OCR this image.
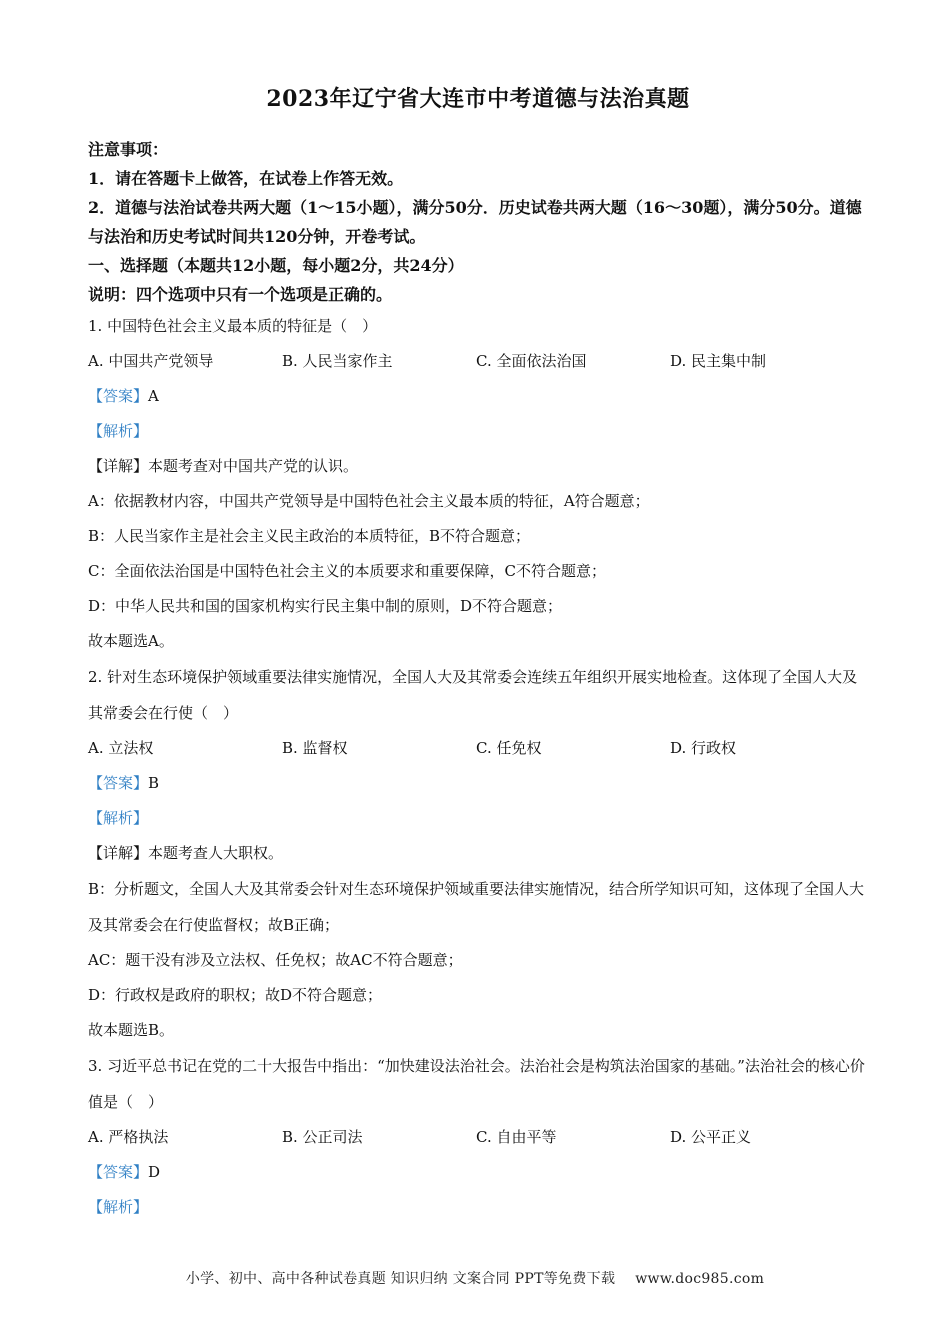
2023年辽宁省大连市中考道德与法治真题
注意事项：
1．请在答题卡上做答，在试卷上作答无效。
2．道德与法治试卷共两大题（1～15小题），满分50分．历史试卷共两大题（16～30题），满分50分。道德与法治和历史考试时间共120分钟，开卷考试。
一、选择题（本题共12小题，每小题2分，共24分）
说明：四个选项中只有一个选项是正确的。
1. 中国特色社会主义最本质的特征是（　）
A. 中国共产党领导	B. 人民当家作主	C. 全面依法治国	D. 民主集中制
【答案】A
【解析】
【详解】本题考查对中国共产党的认识。
A：依据教材内容，中国共产党领导是中国特色社会主义最本质的特征，A符合题意；
B：人民当家作主是社会主义民主政治的本质特征，B不符合题意；
C：全面依法治国是中国特色社会主义的本质要求和重要保障，C不符合题意；
D：中华人民共和国的国家机构实行民主集中制的原则，D不符合题意；
故本题选A。
2. 针对生态环境保护领域重要法律实施情况，全国人大及其常委会连续五年组织开展实地检查。这体现了全国人大及其常委会在行使（　）
A. 立法权	B. 监督权	C. 任免权	D. 行政权
【答案】B
【解析】
【详解】本题考查人大职权。
B：分析题文，全国人大及其常委会针对生态环境保护领域重要法律实施情况，结合所学知识可知，这体现了全国人大及其常委会在行使监督权；故B正确；
AC：题干没有涉及立法权、任免权；故AC不符合题意；
D：行政权是政府的职权；故D不符合题意；
故本题选B。
3. 习近平总书记在党的二十大报告中指出：“加快建设法治社会。法治社会是构筑法治国家的基础。”法治社会的核心价值是（　）
A. 严格执法	B. 公正司法	C. 自由平等	D. 公平正义
【答案】D
【解析】
小学、初中、高中各种试卷真题 知识归纳 文案合同 PPT等免费下载 www.doc985.com
